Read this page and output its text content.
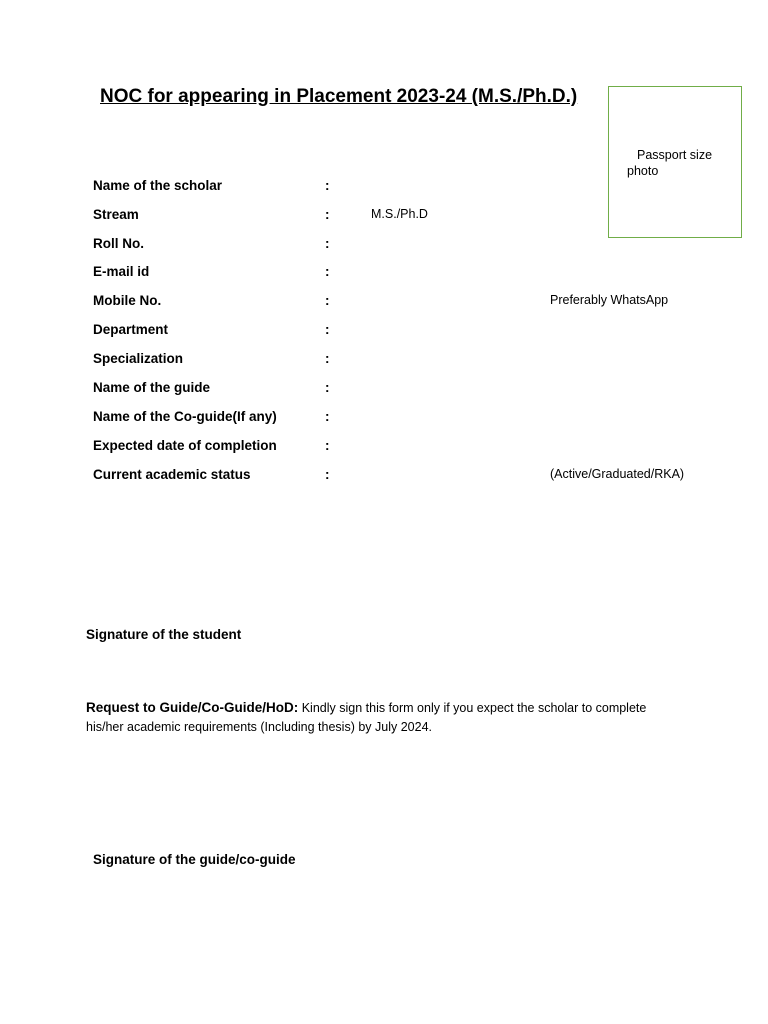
NOC for appearing in Placement 2023-24 (M.S./Ph.D.)
Passport size photo
Name of the scholar	:
Stream	:	M.S./Ph.D
Roll No.	:
E-mail id	:
Mobile No.	:	Preferably WhatsApp
Department	:
Specialization	:
Name of the guide	:
Name of the Co-guide(If any)	:
Expected date of completion	:
Current academic status	:	(Active/Graduated/RKA)
Signature of the student
Request to Guide/Co-Guide/HoD: Kindly sign this form only if you expect the scholar to complete his/her academic requirements (Including thesis) by July 2024.
Signature of the guide/co-guide
